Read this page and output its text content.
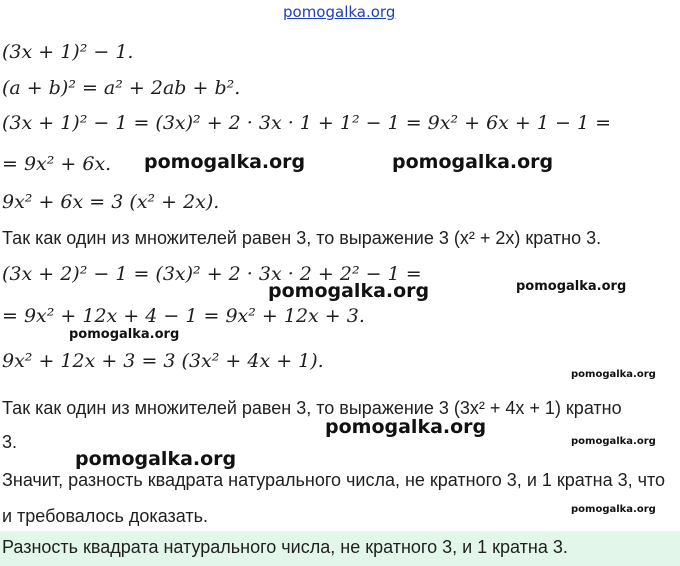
pomogalka.org
(3x + 1)² − 1.
(a + b)² = a² + 2ab + b².
(3x + 1)² − 1 = (3x)² + 2 · 3x · 1 + 1² − 1 = 9x² + 6x + 1 − 1 =
= 9x² + 6x.
9x² + 6x = 3 (x² + 2x).
Так как один из множителей равен 3, то выражение 3 (x² + 2x) кратно 3.
(3x + 2)² − 1 = (3x)² + 2 · 3x · 2 + 2² − 1 =
= 9x² + 12x + 4 − 1 = 9x² + 12x + 3.
9x² + 12x + 3 = 3 (3x² + 4x + 1).
Так как один из множителей равен 3, то выражение 3 (3x² + 4x + 1) кратно
3.
Значит, разность квадрата натурального числа, не кратного 3, и 1 кратна 3, что
и требовалось доказать.
Разность квадрата натурального числа, не кратного 3, и 1 кратна 3.
pomogalka.org	pomogalka.org
pomogalka.org	pomogalka.org
pomogalka.org
pomogalka.org
pomogalka.org
pomogalka.org
pomogalka.org
pomogalka.org
